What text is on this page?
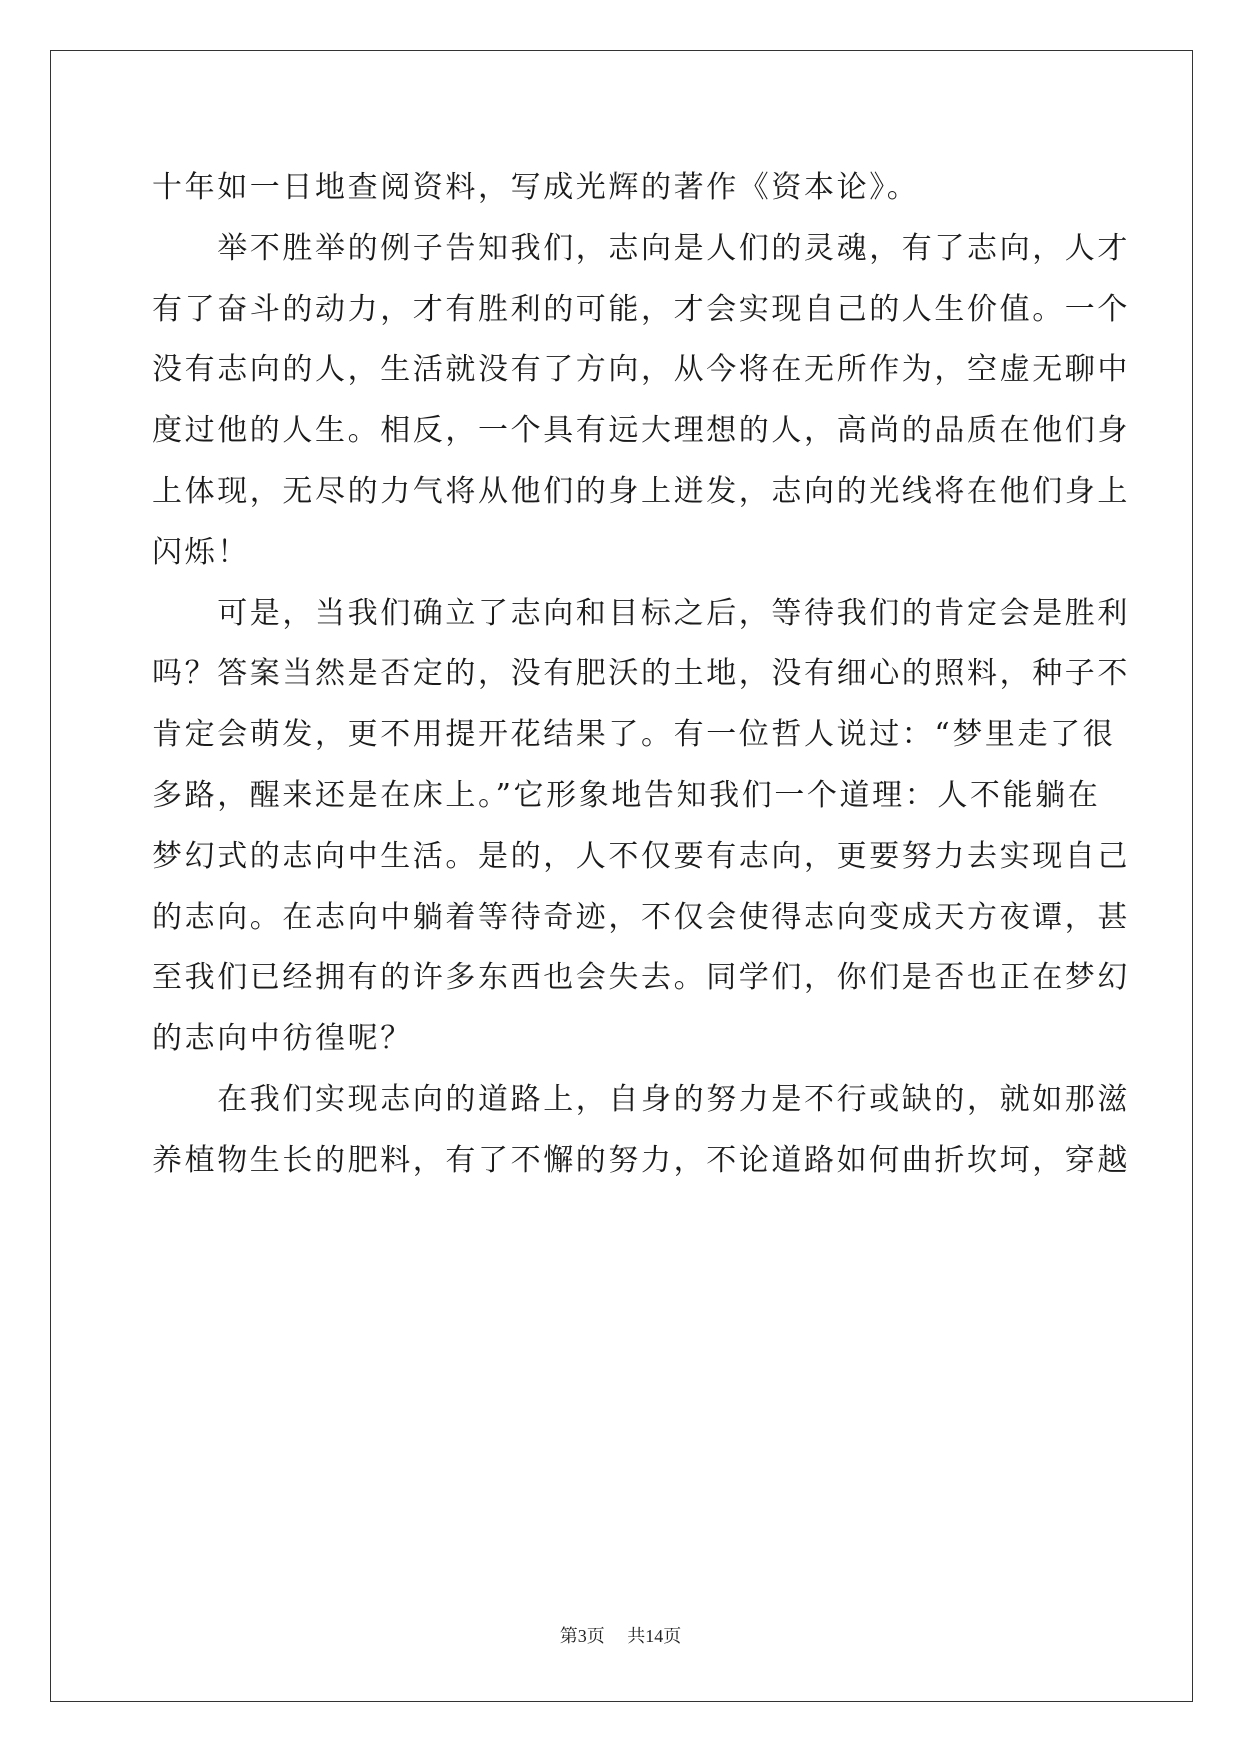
十年如一日地查阅资料，写成光辉的著作《资本论》。
　　举不胜举的例子告知我们，志向是人们的灵魂，有了志向，人才
有了奋斗的动力，才有胜利的可能，才会实现自己的人生价值。一个
没有志向的人，生活就没有了方向，从今将在无所作为，空虚无聊中
度过他的人生。相反，一个具有远大理想的人，高尚的品质在他们身
上体现，无尽的力气将从他们的身上迸发，志向的光线将在他们身上
闪烁！
　　可是，当我们确立了志向和目标之后，等待我们的肯定会是胜利
吗？答案当然是否定的，没有肥沃的土地，没有细心的照料，种子不
肯定会萌发，更不用提开花结果了。有一位哲人说过：“梦里走了很
多路，醒来还是在床上。”它形象地告知我们一个道理：人不能躺在
梦幻式的志向中生活。是的，人不仅要有志向，更要努力去实现自己
的志向。在志向中躺着等待奇迹，不仅会使得志向变成天方夜谭，甚
至我们已经拥有的许多东西也会失去。同学们，你们是否也正在梦幻
的志向中彷徨呢？
　　在我们实现志向的道路上，自身的努力是不行或缺的，就如那滋
养植物生长的肥料，有了不懈的努力，不论道路如何曲折坎坷，穿越
第3页 共14页
